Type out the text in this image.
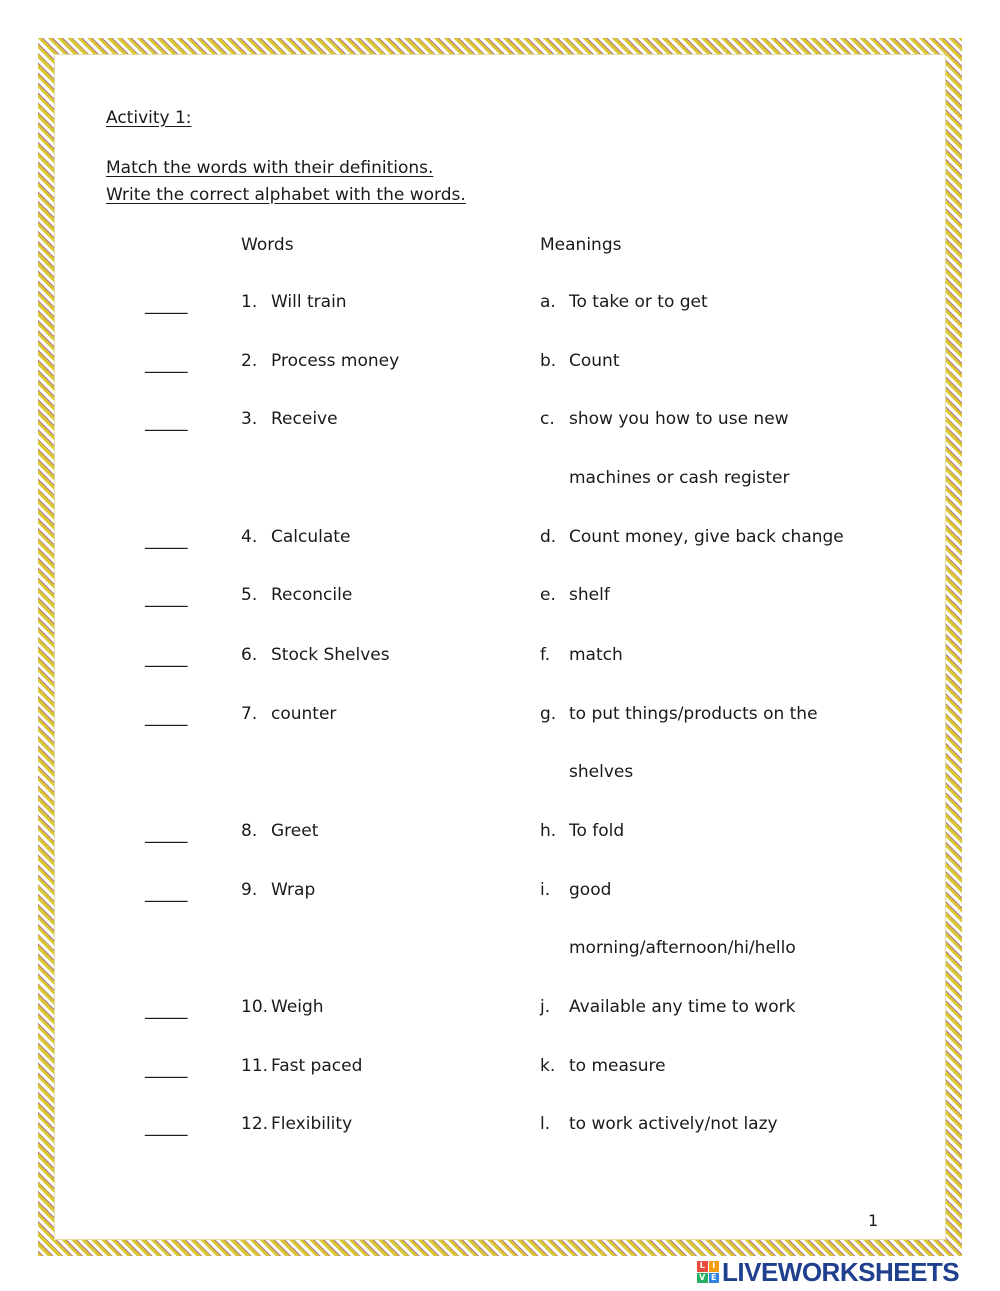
Activity 1:
Match the words with their definitions.
Write the correct alphabet with the words.
Words	Meanings
_____	1. Will train	a. To take or to get
_____	2. Process money	b. Count
_____	3. Receive	c. show you how to use new
machines or cash register
_____	4. Calculate	d. Count money, give back change
_____	5. Reconcile	e. shelf
_____	6. Stock Shelves	f. match
_____	7. counter	g. to put things/products on the
shelves
_____	8. Greet	h. To fold
_____	9. Wrap	i. good
morning/afternoon/hi/hello
_____	10. Weigh	j. Available any time to work
_____	11. Fast paced	k. to measure
_____	12. Flexibility	l. to work actively/not lazy
1
L I
V E LIVEWORKSHEETS
